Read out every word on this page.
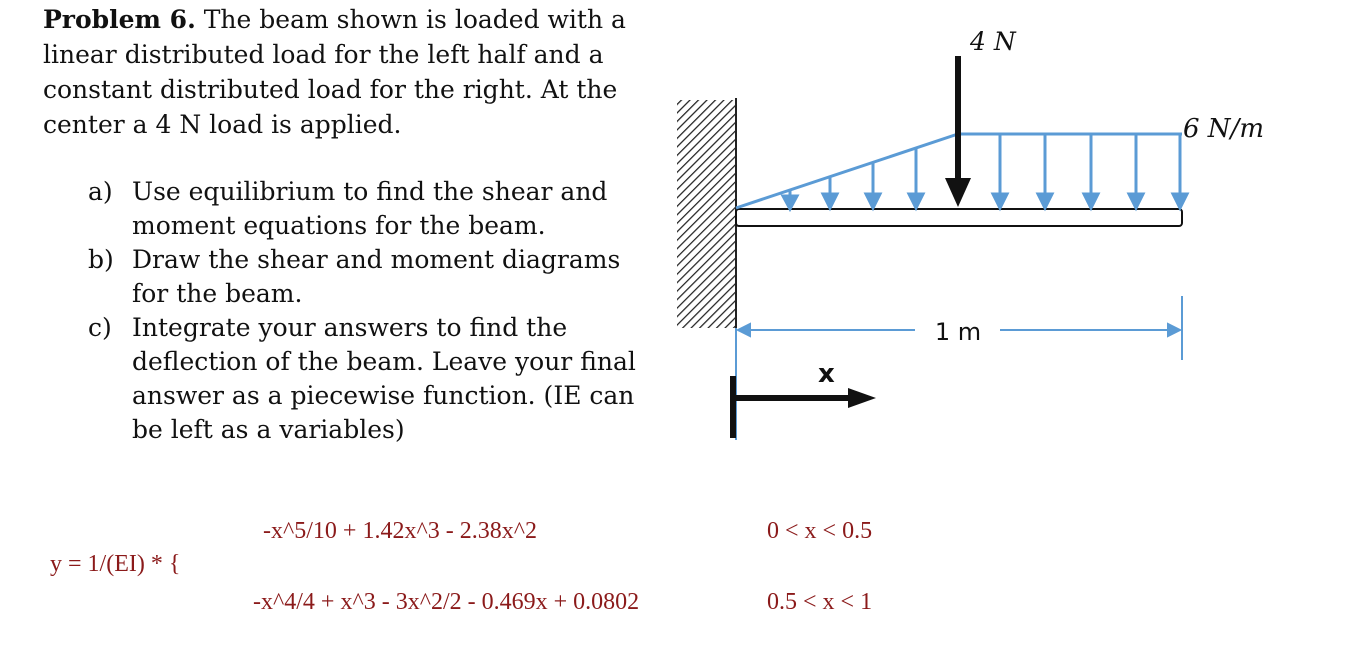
Problem 6. The beam shown is loaded with a linear distributed load for the left half and a constant distributed load for the right. At the center a 4 N load is applied.
a) Use equilibrium to find the shear and moment equations for the beam.
b) Draw the shear and moment diagrams for the beam.
c) Integrate your answers to find the deflection of the beam. Leave your final answer as a piecewise function. (IE can be left as a variables)
4 N
6 N/m
1 m
x
y = 1/(EI) * {
-x^5/10 + 1.42x^3 - 2.38x^2	0 < x < 0.5
-x^4/4 + x^3 - 3x^2/2 - 0.469x + 0.0802	0.5 < x < 1
